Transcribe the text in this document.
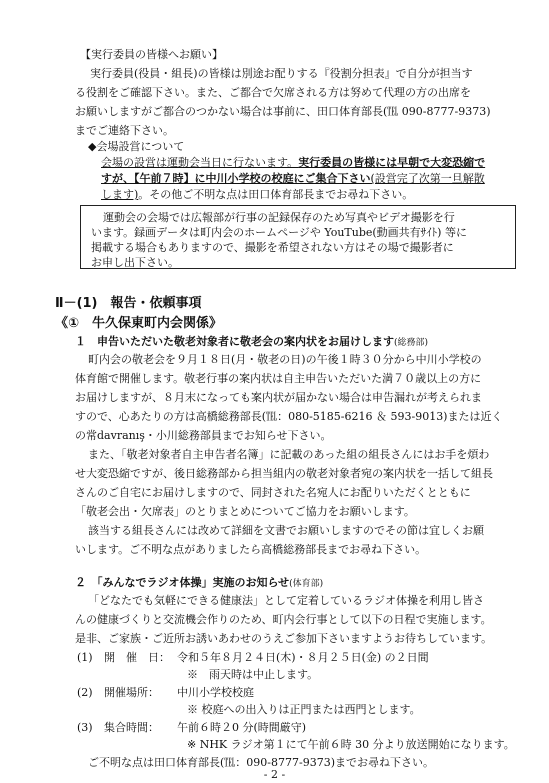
【実行委員の皆様へお願い】
実行委員(役員・組長)の皆様は別途お配りする『役割分担表』で自分が担当す
る役割をご確認下さい。また、ご都合で欠席される方は努めて代理の方の出席を
お願いしますがご都合のつかない場合は事前に、田口体育部長(℡ 090-8777-9373)
までご連絡下さい。
◆会場設営について
会場の設営は運動会当日に行ないます。実行委員の皆様には早朝で大変恐縮で
すが、【午前７時】に中川小学校の校庭にご集合下さい(設営完了次第一旦解散
します)。その他ご不明な点は田口体育部長までお尋ね下さい。
運動会の会場では広報部が行事の記録保存のため写真やビデオ撮影を行
います。録画データは町内会のホームページや YouTube(動画共有ｻｲﾄ) 等に
掲載する場合もありますので、撮影を希望されない方はその場で撮影者に
お申し出下さい。
Ⅱ－(1)　報告・依頼事項
《①　牛久保東町内会関係》
１　申告いただいた敬老対象者に敬老会の案内状をお届けします(総務部)
町内会の敬老会を９月１８日(月・敬老の日)の午後１時３０分から中川小学校の
体育館で開催します。敬老行事の案内状は自主申告いただいた満７０歳以上の方に
お届けしますが、８月末になっても案内状が届かない場合は申告漏れが考えられま
すので、心あたりの方は高橋総務部長(℡：080-5185-6216 ＆ 593-9013)または近く
の常davranış・小川総務部員までお知らせ下さい。
また、「敬老対象者自主申告者名簿」に記載のあった組の組長さんにはお手を煩わ
せ大変恐縮ですが、後日総務部から担当組内の敬老対象者宛の案内状を一括して組長
さんのご自宅にお届けしますので、同封された名宛人にお配りいただくとともに
「敬老会出・欠席表」のとりまとめについてご協力をお願いします。
該当する組長さんには改めて詳細を文書でお願いしますのでその節は宜しくお願
いします。ご不明な点がありましたら高橋総務部長までお尋ね下さい。
２　「みんなでラジオ体操」実施のお知らせ(体育部)
「どなたでも気軽にできる健康法」として定着しているラジオ体操を利用し皆さ
んの健康づくりと交流機会作りのため、町内会行事として以下の日程で実施します。
是非、ご家族・ご近所お誘いあわせのうえご参加下さいますようお待ちしています。
(1) 開　催　日： 令和５年８月２４日(木)・８月２５日(金) の２日間
※　雨天時は中止します。
(2) 開催場所： 中川小学校校庭
※ 校庭への出入りは正門または西門とします。
(3) 集合時間： 午前６時２0 分(時間厳守)
※ NHK ラジオ第１にて午前６時 30 分より放送開始になります。
ご不明な点は田口体育部長(℡：090-8777-9373)までお尋ね下さい。
- 2 -
